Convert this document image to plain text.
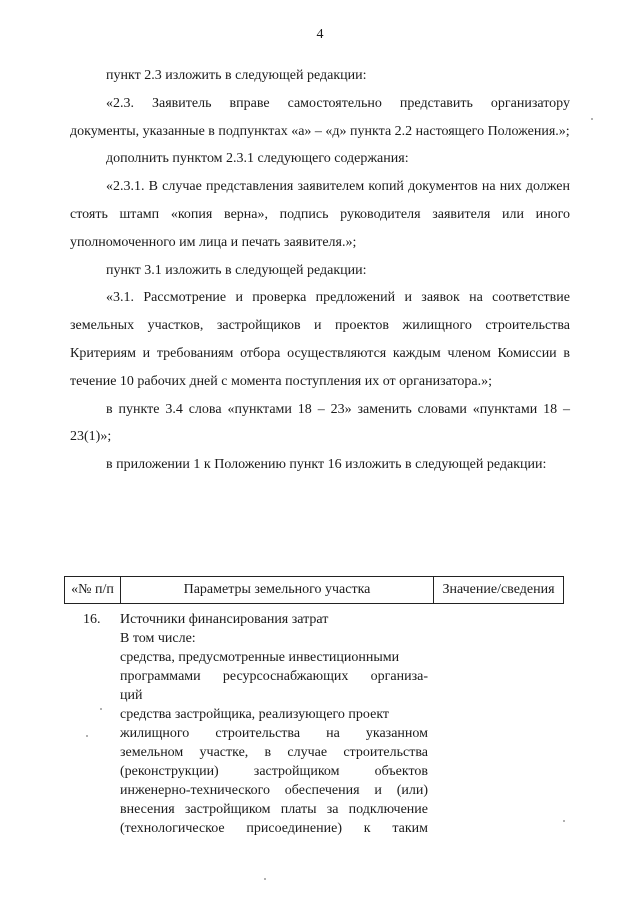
4

пункт 2.3 изложить в следующей редакции:

«2.3. Заявитель вправе самостоятельно представить организатору документы, указанные в подпунктах «а» – «д» пункта 2.2 настоящего Положения.»;

дополнить пунктом 2.3.1 следующего содержания:

«2.3.1. В случае представления заявителем копий документов на них должен стоять штамп «копия верна», подпись руководителя заявителя или иного уполномоченного им лица и печать заявителя.»;

пункт 3.1 изложить в следующей редакции:

«3.1. Рассмотрение и проверка предложений и заявок на соответствие земельных участков, застройщиков и проектов жилищного строительства Критериям и требованиям отбора осуществляются каждым членом Комиссии в течение 10 рабочих дней с момента поступления их от организатора.»;

в пункте 3.4 слова «пунктами 18 – 23» заменить словами «пунктами 18 – 23(1)»;

в приложении 1 к Положению пункт 16 изложить в следующей редакции:

«№ п/п	Параметры земельного участка	Значение/сведения
16. Источники финансирования затрат
В том числе:
средства, предусмотренные инвестиционными
программами ресурсоснабжающих организа-
ций
средства застройщика, реализующего проект
жилищного строительства на указанном
земельном участке, в случае строительства
(реконструкции) застройщиком объектов
инженерно-технического обеспечения и (или)
внесения застройщиком платы за подключение
(технологическое присоединение) к таким
